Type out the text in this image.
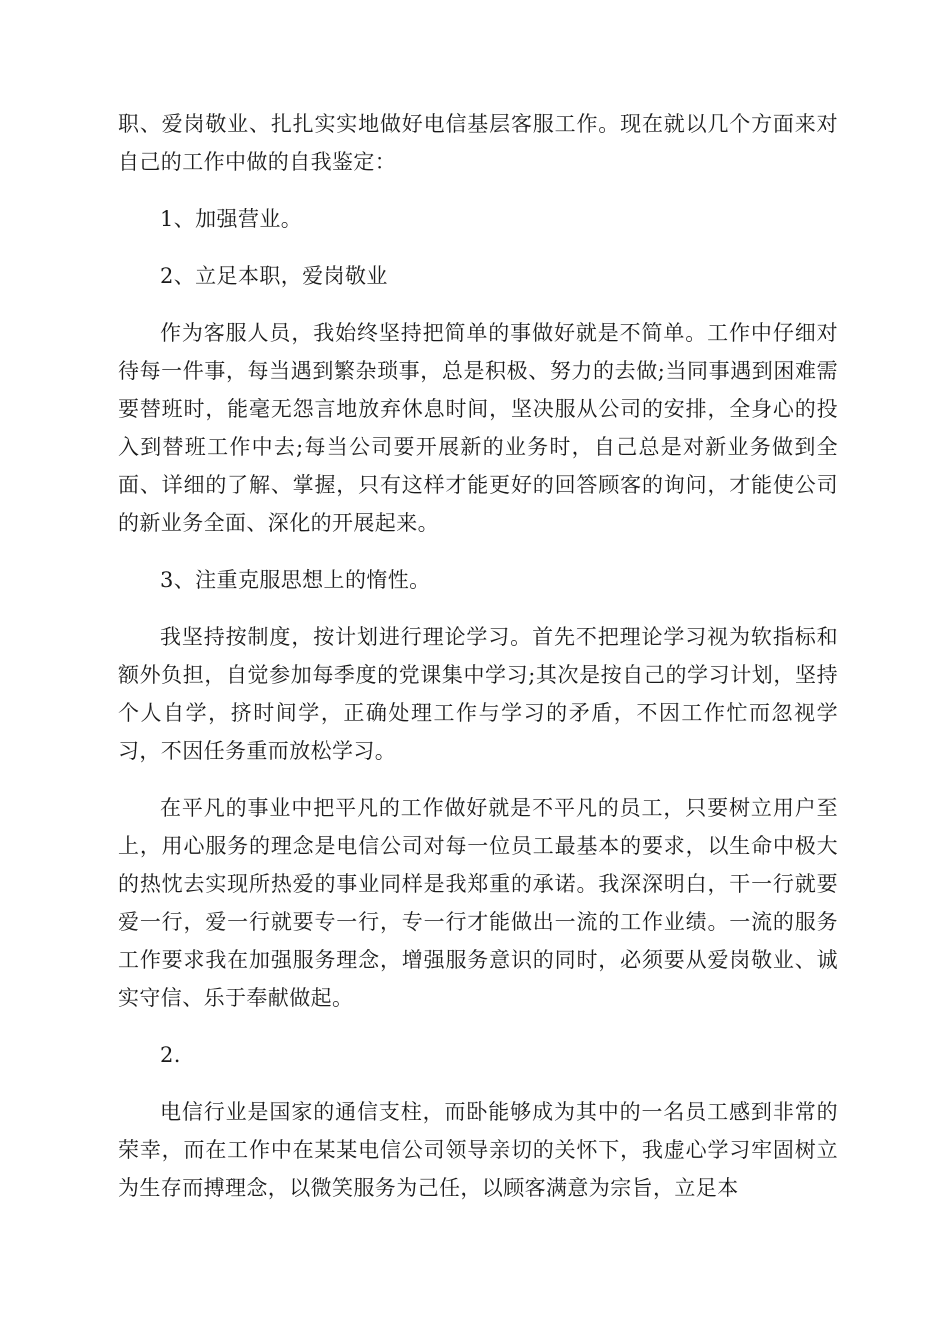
职、爱岗敬业、扎扎实实地做好电信基层客服工作。现在就以几个方面来对自己的工作中做的自我鉴定：

1、加强营业。

2、立足本职，爱岗敬业

作为客服人员，我始终坚持把简单的事做好就是不简单。工作中仔细对待每一件事，每当遇到繁杂琐事，总是积极、努力的去做;当同事遇到困难需要替班时，能毫无怨言地放弃休息时间，坚决服从公司的安排，全身心的投入到替班工作中去;每当公司要开展新的业务时，自己总是对新业务做到全面、详细的了解、掌握，只有这样才能更好的回答顾客的询问，才能使公司的新业务全面、深化的开展起来。

3、注重克服思想上的惰性。

我坚持按制度，按计划进行理论学习。首先不把理论学习视为软指标和额外负担，自觉参加每季度的党课集中学习;其次是按自己的学习计划，坚持个人自学，挤时间学，正确处理工作与学习的矛盾，不因工作忙而忽视学习，不因任务重而放松学习。

在平凡的事业中把平凡的工作做好就是不平凡的员工，只要树立用户至上，用心服务的理念是电信公司对每一位员工最基本的要求，以生命中极大的热忱去实现所热爱的事业同样是我郑重的承诺。我深深明白，干一行就要爱一行，爱一行就要专一行，专一行才能做出一流的工作业绩。一流的服务工作要求我在加强服务理念，增强服务意识的同时，必须要从爱岗敬业、诚实守信、乐于奉献做起。

2.

电信行业是国家的通信支柱，而卧能够成为其中的一名员工感到非常的荣幸，而在工作中在某某电信公司领导亲切的关怀下，我虚心学习牢固树立为生存而搏理念，以微笑服务为己任，以顾客满意为宗旨，立足本
